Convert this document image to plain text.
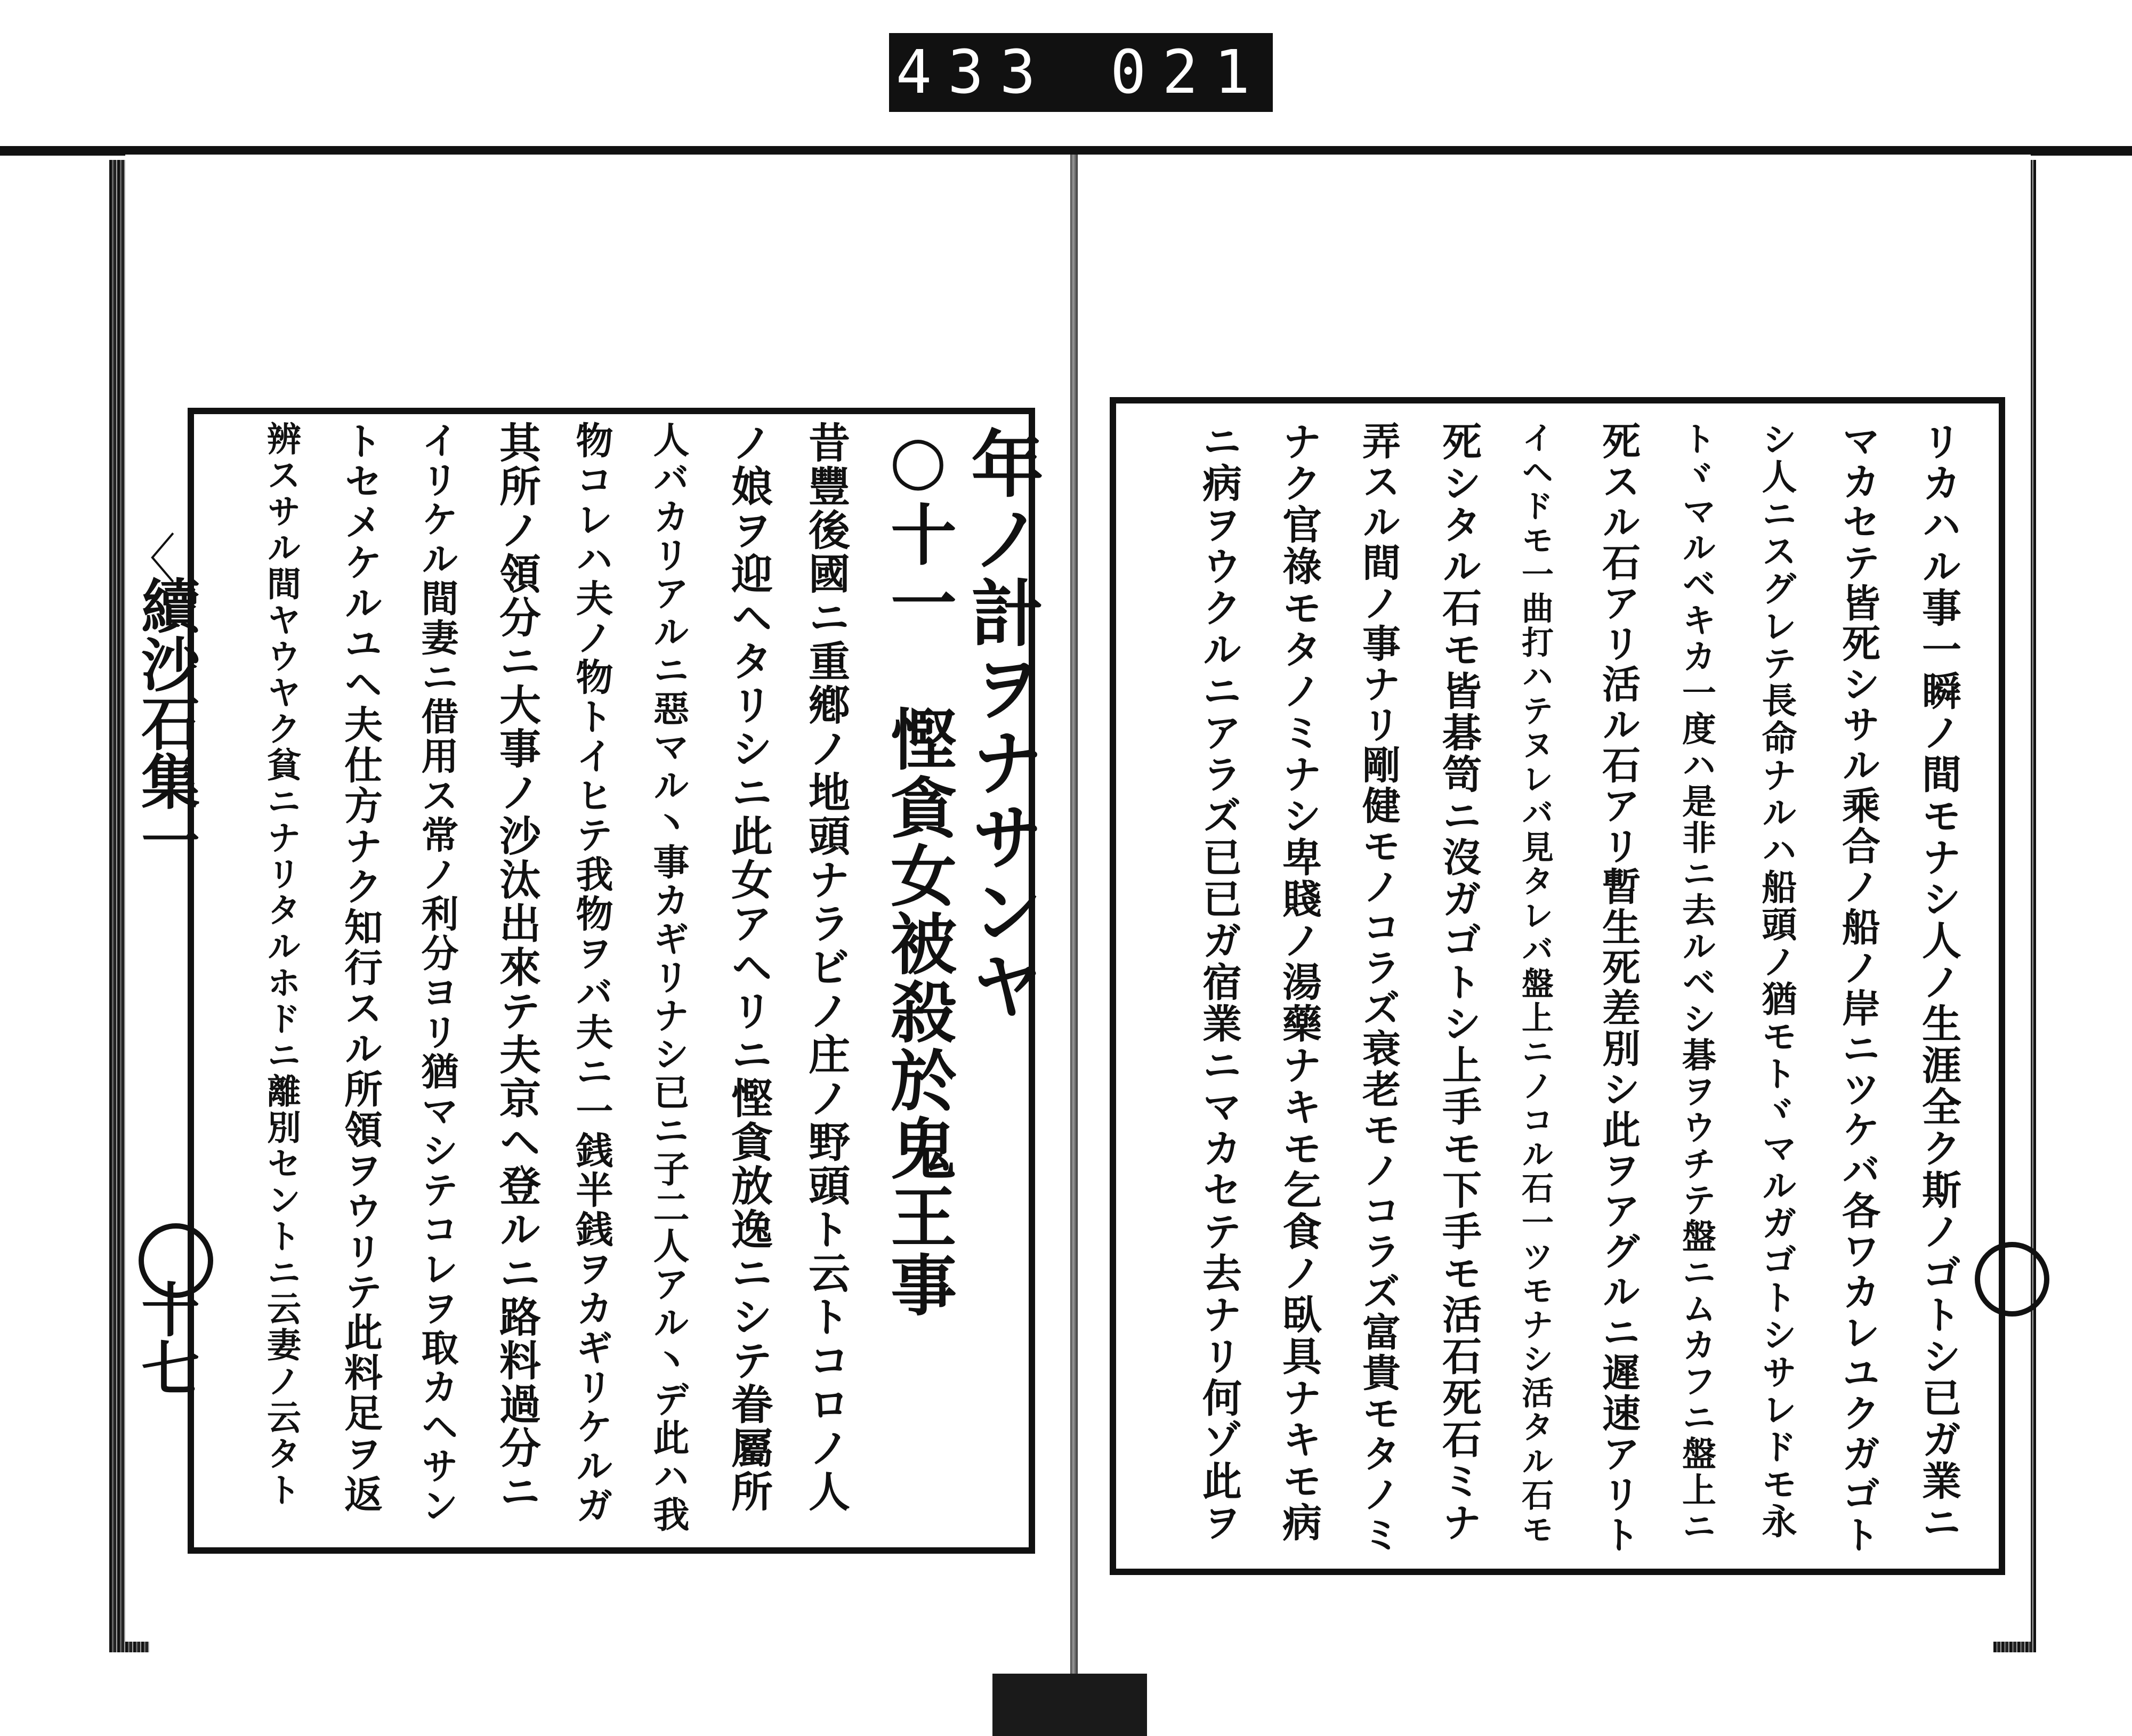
433 021
〈
續沙石集一
十七
年ノ計ヲナサンヤ
○十一　慳貪女被殺於鬼王事
昔豐後國ニ重鄕ノ地頭ナラビノ庄ノ野頭ト云トコロノ人
ノ娘ヲ迎ヘタリシニ此女アヘリニ慳貪放逸ニシテ眷屬所
人バカリアルニ惡マル丶事カギリナシ已ニ子二人アル丶デ此ハ我
物コレハ夫ノ物トイヒテ我物ヲバ夫ニ一銭半銭ヲカギリケルガ
其所ノ領分ニ大事ノ沙汰出來テ夫京ヘ登ルニ路料過分ニ
イリケル間妻ニ借用ス常ノ利分ヨリ猶マシテコレヲ取カヘサン
トセメケルユヘ夫仕方ナク知行スル所領ヲウリテ此料足ヲ返
辨スサル間ヤウヤク貧ニナリタルホドニ離別セントニ云妻ノ云タト	リカハル事一瞬ノ間モナシ人ノ生涯全ク斯ノゴトシ已ガ業ニ
マカセテ皆死シサル乘合ノ船ノ岸ニツケバ各ワカレユクガゴト
シ人ニスグレテ長命ナルハ船頭ノ猶モトヾマルガゴトシサレドモ永
トヾマルベキカ一度ハ是非ニ去ルベシ碁ヲウチテ盤ニムカフニ盤上ニ
死スル石アリ活ル石アリ暫生死差別シ此ヲアグルニ遲速アリト
イヘドモ一曲打ハテヌレバ見タレバ盤上ニノコル石一ツモナシ活タル石モ
死シタル石モ皆碁笥ニ沒ガゴトシ上手モ下手モ活石死石ミナ
弄スル間ノ事ナリ剛健モノコラズ衰老モノコラズ富貴モタノミ
ナク官祿モタノミナシ卑賤ノ湯藥ナキモ乞食ノ臥具ナキモ病
ニ病ヲウクルニアラズ已已ガ宿業ニマカセテ去ナリ何ゾ此ヲ
